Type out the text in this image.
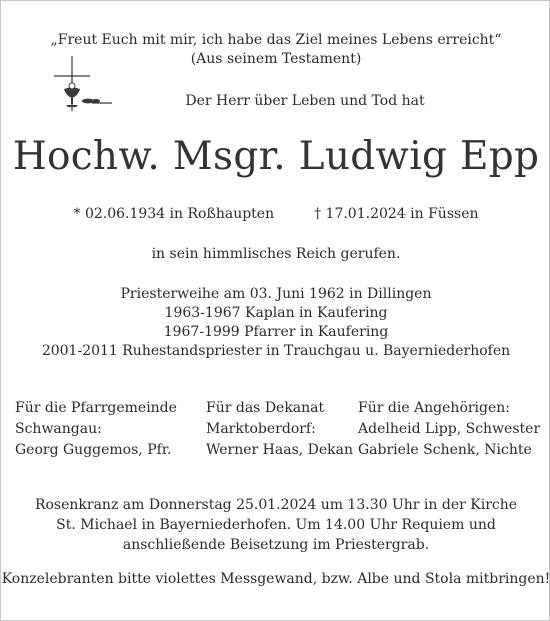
„Freut Euch mit mir, ich habe das Ziel meines Lebens erreicht“
(Aus seinem Testament)
Der Herr über Leben und Tod hat
Hochw. Msgr. Ludwig Epp
* 02.06.1934 in Roßhaupten	† 17.01.2024 in Füssen
in sein himmlisches Reich gerufen.
Priesterweihe am 03. Juni 1962 in Dillingen
1963-1967 Kaplan in Kaufering
1967-1999 Pfarrer in Kaufering
2001-2011 Ruhestandspriester in Trauchgau u. Bayerniederhofen
Für die Pfarrgemeinde
Schwangau:
Georg Guggemos, Pfr.
Für das Dekanat
Marktoberdorf:
Werner Haas, Dekan
Für die Angehörigen:
Adelheid Lipp, Schwester
Gabriele Schenk, Nichte
Rosenkranz am Donnerstag 25.01.2024 um 13.30 Uhr in der Kirche
St. Michael in Bayerniederhofen. Um 14.00 Uhr Requiem und
anschließende Beisetzung im Priestergrab.
Konzelebranten bitte violettes Messgewand, bzw. Albe und Stola mitbringen!
